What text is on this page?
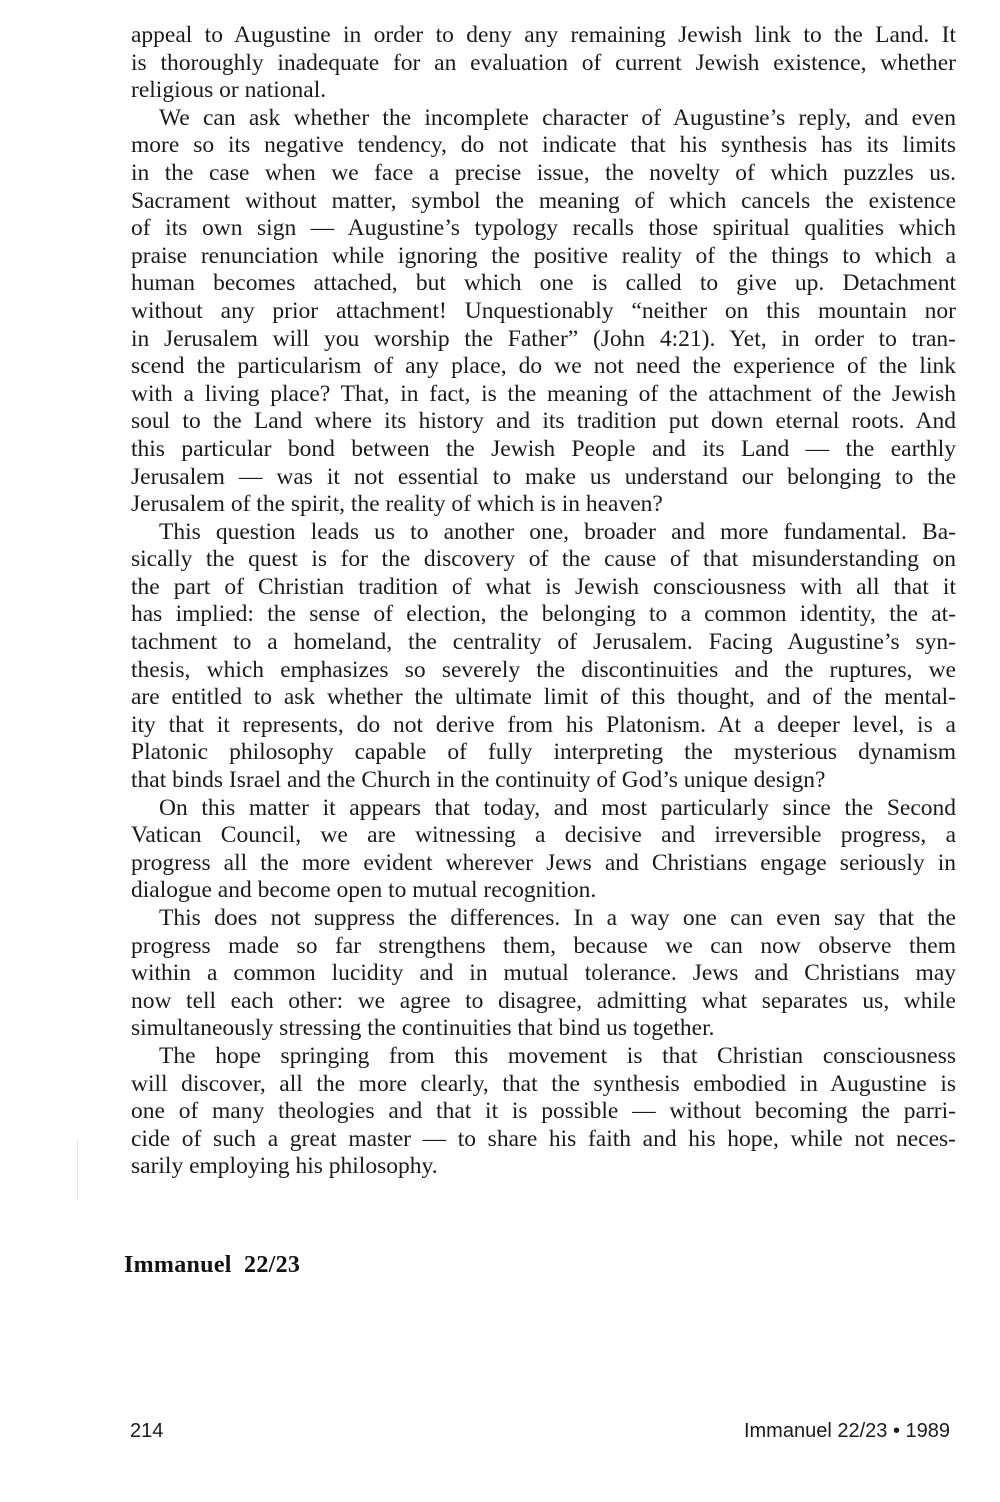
appeal to Augustine in order to deny any remaining Jewish link to the Land. It
is thoroughly inadequate for an evaluation of current Jewish existence, whether
religious or national.
We can ask whether the incomplete character of Augustine’s reply, and even
more so its negative tendency, do not indicate that his synthesis has its limits
in the case when we face a precise issue, the novelty of which puzzles us.
Sacrament without matter, symbol the meaning of which cancels the existence
of its own sign — Augustine’s typology recalls those spiritual qualities which
praise renunciation while ignoring the positive reality of the things to which a
human becomes attached, but which one is called to give up. Detachment
without any prior attachment! Unquestionably “neither on this mountain nor
in Jerusalem will you worship the Father” (John 4:21). Yet, in order to tran-
scend the particularism of any place, do we not need the experience of the link
with a living place? That, in fact, is the meaning of the attachment of the Jewish
soul to the Land where its history and its tradition put down eternal roots. And
this particular bond between the Jewish People and its Land — the earthly
Jerusalem — was it not essential to make us understand our belonging to the
Jerusalem of the spirit, the reality of which is in heaven?
This question leads us to another one, broader and more fundamental. Ba-
sically the quest is for the discovery of the cause of that misunderstanding on
the part of Christian tradition of what is Jewish consciousness with all that it
has implied: the sense of election, the belonging to a common identity, the at-
tachment to a homeland, the centrality of Jerusalem. Facing Augustine’s syn-
thesis, which emphasizes so severely the discontinuities and the ruptures, we
are entitled to ask whether the ultimate limit of this thought, and of the mental-
ity that it represents, do not derive from his Platonism. At a deeper level, is a
Platonic philosophy capable of fully interpreting the mysterious dynamism
that binds Israel and the Church in the continuity of God’s unique design?
On this matter it appears that today, and most particularly since the Second
Vatican Council, we are witnessing a decisive and irreversible progress, a
progress all the more evident wherever Jews and Christians engage seriously in
dialogue and become open to mutual recognition.
This does not suppress the differences. In a way one can even say that the
progress made so far strengthens them, because we can now observe them
within a common lucidity and in mutual tolerance. Jews and Christians may
now tell each other: we agree to disagree, admitting what separates us, while
simultaneously stressing the continuities that bind us together.
The hope springing from this movement is that Christian consciousness
will discover, all the more clearly, that the synthesis embodied in Augustine is
one of many theologies and that it is possible — without becoming the parri-
cide of such a great master — to share his faith and his hope, while not neces-
sarily employing his philosophy.
Immanuel 22/23
214	Immanuel 22/23 • 1989
